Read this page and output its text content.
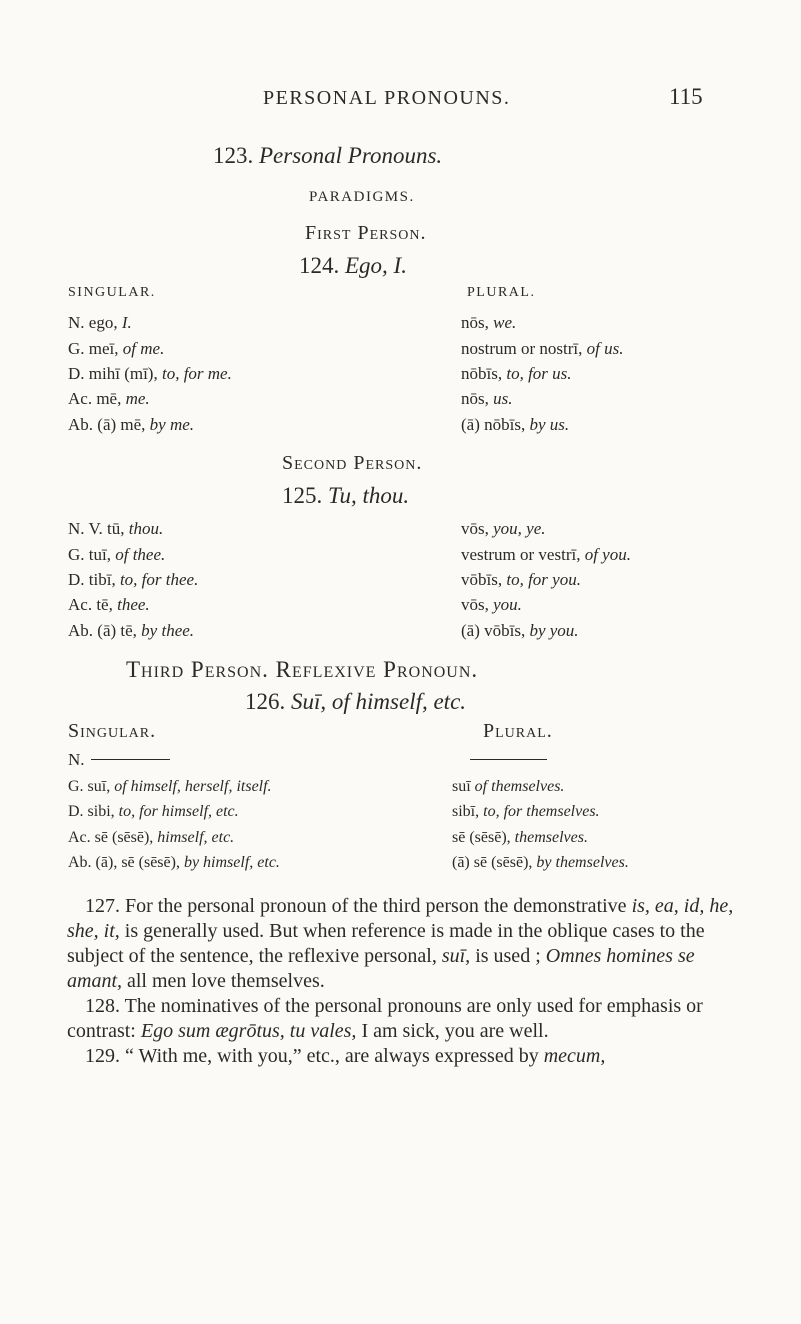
PERSONAL PRONOUNS.	115
123. Personal Pronouns.
PARADIGMS.
First Person.
124. Ego, I.
SINGULAR.	PLURAL.
N. ego, I.	nōs, we.
G. meī, of me.	nostrum or nostrī, of us.
D. mihī (mī), to, for me.	nōbīs, to, for us.
Ac. mē, me.	nōs, us.
Ab. (ā) mē, by me.	(ā) nōbīs, by us.
Second Person.
125. Tu, thou.
N. V. tū, thou.	vōs, you, ye.
G. tuī, of thee.	vestrum or vestrī, of you.
D. tibī, to, for thee.	vōbīs, to, for you.
Ac. tē, thee.	vōs, you.
Ab. (ā) tē, by thee.	(ā) vōbīs, by you.
Third Person. Reflexive Pronoun.
126. Suī, of himself, etc.
Singular.	Plural.
N.
G. suī, of himself, herself, itself.	suī of themselves.
D. sibi, to, for himself, etc.	sibī, to, for themselves.
Ac. sē (sēsē), himself, etc.	sē (sēsē), themselves.
Ab. (ā), sē (sēsē), by himself, etc.	(ā) sē (sēsē), by themselves.

127. For the personal pronoun of the third person the demonstrative is, ea, id, he, she, it, is generally used. But when reference is made in the oblique cases to the subject of the sentence, the reflexive personal, suī, is used ; Omnes homines se amant, all men love themselves.

128. The nominatives of the personal pronouns are only used for emphasis or contrast: Ego sum ægrōtus, tu vales, I am sick, you are well.

129. “ With me, with you,” etc., are always expressed by mecum,
